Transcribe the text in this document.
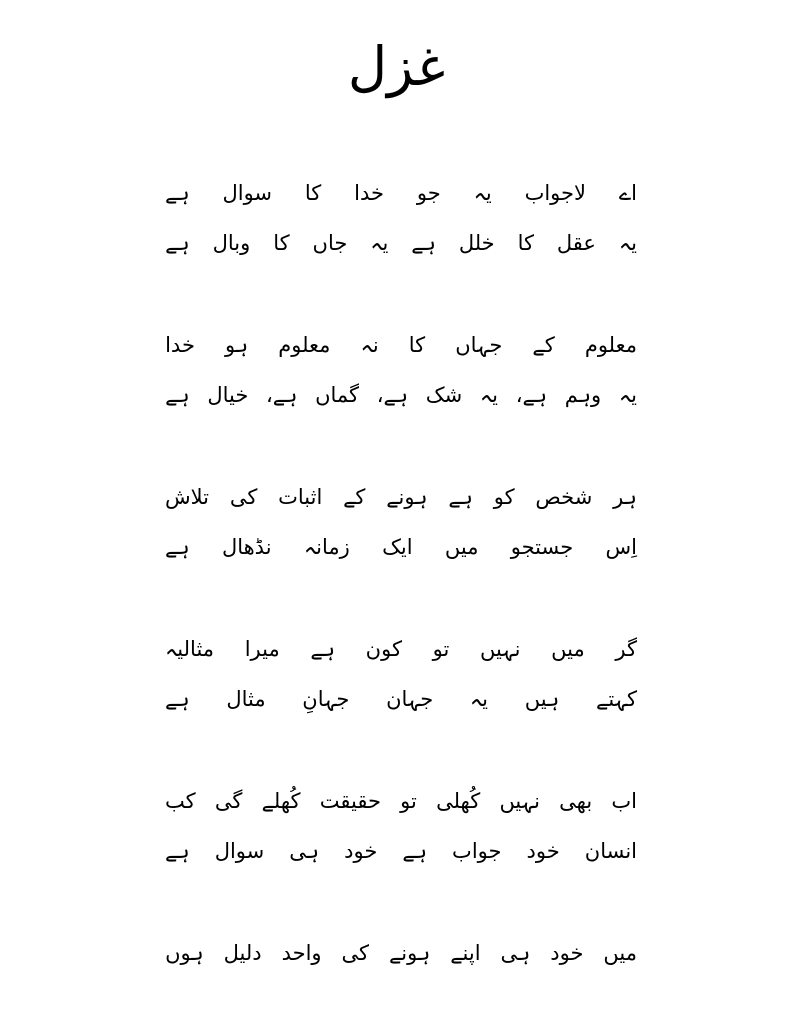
غزل
اے
لاجواب
یہ
جو
خدا
کا
سوال
ہے
یہ
عقل
کا
خلل
ہے
یہ
جاں
کا
وبال
ہے
معلوم
کے
جہاں
کا
نہ
معلوم
ہو
خدا
یہ
وہم
ہے،
یہ
شک
ہے،
گماں
ہے،
خیال
ہے
ہر
شخص
کو
ہے
ہونے
کے
اثبات
کی
تلاش
اِس
جستجو
میں
ایک
زمانہ
نڈھال
ہے
گر
میں
نہیں
تو
کون
ہے
میرا
مثالیہ
کہتے
ہیں
یہ
جہان
جہانِ
مثال
ہے
اب
بھی
نہیں
کُھلی
تو
حقیقت
کُھلے
گی
کب
انسان
خود
جواب
ہے
خود
ہی
سوال
ہے
میں
خود
ہی
اپنے
ہونے
کی
واحد
دلیل
ہوں
